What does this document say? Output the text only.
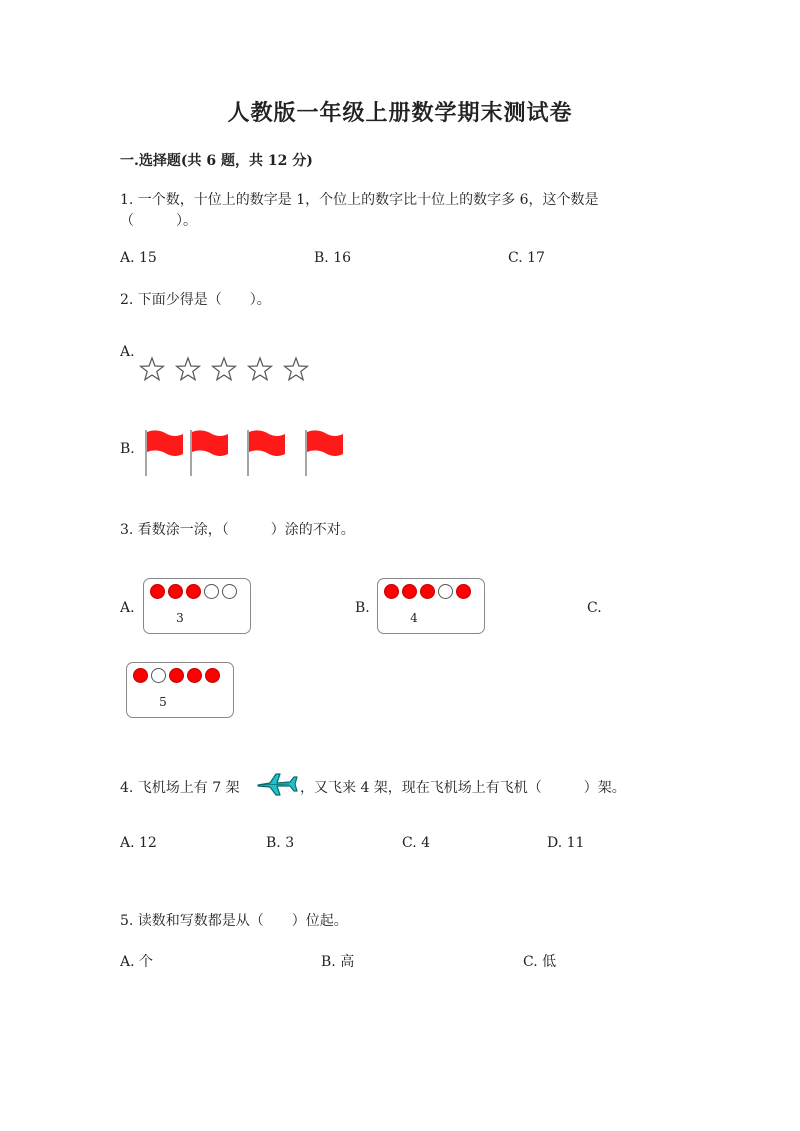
人教版一年级上册数学期末测试卷
一.选择题(共 6 题，共 12 分)
1. 一个数，十位上的数字是 1，个位上的数字比十位上的数字多 6，这个数是
（　　　）。
A. 15	B. 16	C. 17
2. 下面少得是（　　）。
A.
B.
3. 看数涂一涂，（　　　）涂的不对。
A.
3
B.
4
C.
5
4. 飞机场上有 7 架	，又飞来 4 架，现在飞机场上有飞机（　　　）架。
A. 12	B. 3	C. 4	D. 11
5. 读数和写数都是从（　　）位起。
A. 个	B. 高	C. 低
